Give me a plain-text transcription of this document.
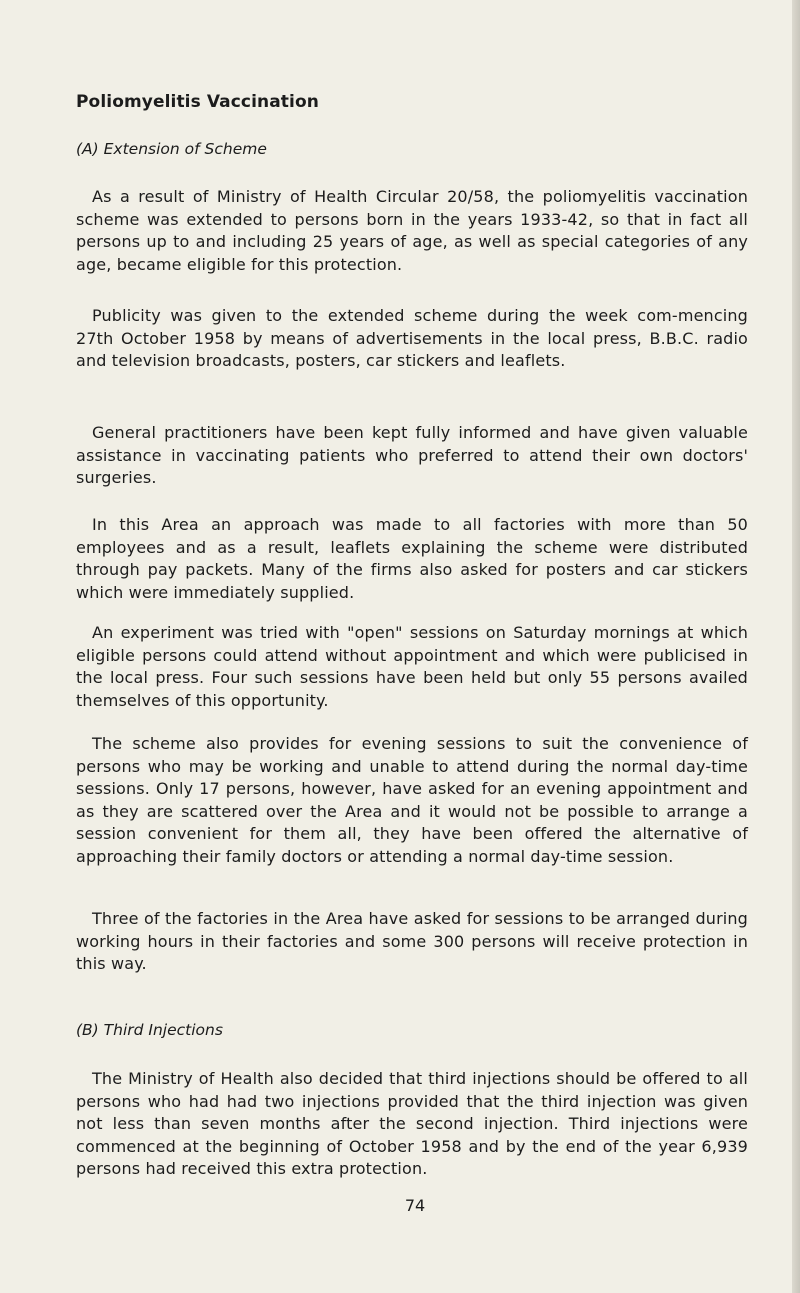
Poliomyelitis Vaccination
(A) Extension of Scheme

As a result of Ministry of Health Circular 20/58, the poliomyelitis vaccination scheme was extended to persons born in the years 1933-42, so that in fact all persons up to and including 25 years of age, as well as special categories of any age, became eligible for this protection.

Publicity was given to the extended scheme during the week com-mencing 27th October 1958 by means of advertisements in the local press, B.B.C. radio and television broadcasts, posters, car stickers and leaflets.

General practitioners have been kept fully informed and have given valuable assistance in vaccinating patients who preferred to attend their own doctors' surgeries.

In this Area an approach was made to all factories with more than 50 employees and as a result, leaflets explaining the scheme were distributed through pay packets. Many of the firms also asked for posters and car stickers which were immediately supplied.

An experiment was tried with "open" sessions on Saturday mornings at which eligible persons could attend without appointment and which were publicised in the local press. Four such sessions have been held but only 55 persons availed themselves of this opportunity.

The scheme also provides for evening sessions to suit the convenience of persons who may be working and unable to attend during the normal day-time sessions. Only 17 persons, however, have asked for an evening appointment and as they are scattered over the Area and it would not be possible to arrange a session convenient for them all, they have been offered the alternative of approaching their family doctors or attending a normal day-time session.

Three of the factories in the Area have asked for sessions to be arranged during working hours in their factories and some 300 persons will receive protection in this way.

(B) Third Injections

The Ministry of Health also decided that third injections should be offered to all persons who had had two injections provided that the third injection was given not less than seven months after the second injection. Third injections were commenced at the beginning of October 1958 and by the end of the year 6,939 persons had received this extra protection.

74
